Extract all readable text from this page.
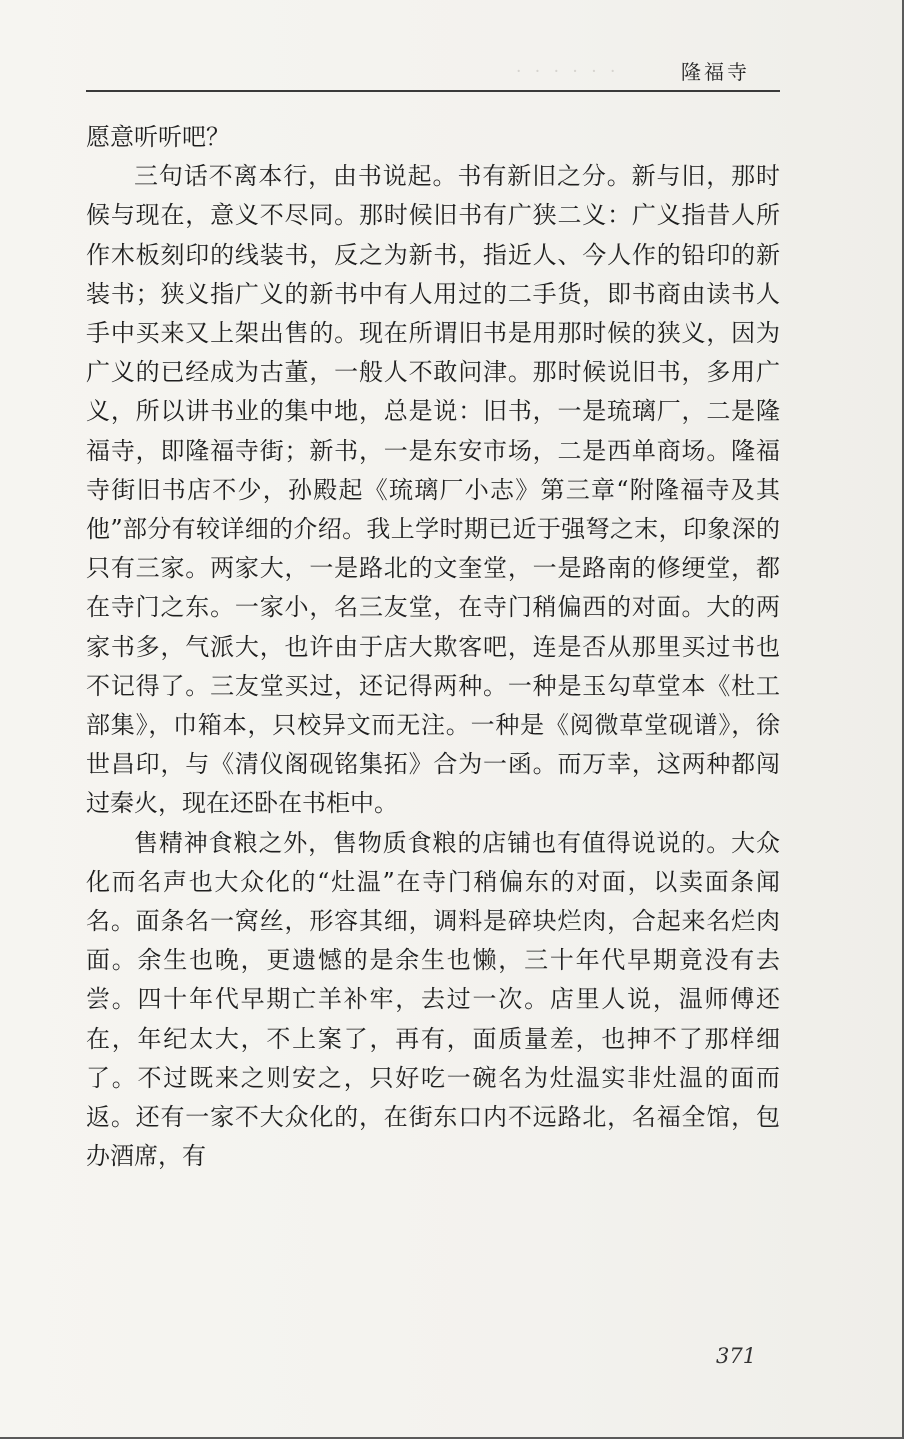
· · · · · ·	隆福寺

愿意听听吧？

三句话不离本行，由书说起。书有新旧之分。新与旧，那时候与现在，意义不尽同。那时候旧书有广狭二义：广义指昔人所作木板刻印的线装书，反之为新书，指近人、今人作的铅印的新装书；狭义指广义的新书中有人用过的二手货，即书商由读书人手中买来又上架出售的。现在所谓旧书是用那时候的狭义，因为广义的已经成为古董，一般人不敢问津。那时候说旧书，多用广义，所以讲书业的集中地，总是说：旧书，一是琉璃厂，二是隆福寺，即隆福寺街；新书，一是东安市场，二是西单商场。隆福寺街旧书店不少，孙殿起《琉璃厂小志》第三章“附隆福寺及其他”部分有较详细的介绍。我上学时期已近于强弩之末，印象深的只有三家。两家大，一是路北的文奎堂，一是路南的修绠堂，都在寺门之东。一家小，名三友堂，在寺门稍偏西的对面。大的两家书多，气派大，也许由于店大欺客吧，连是否从那里买过书也不记得了。三友堂买过，还记得两种。一种是玉勾草堂本《杜工部集》，巾箱本，只校异文而无注。一种是《阅微草堂砚谱》，徐世昌印，与《清仪阁砚铭集拓》合为一函。而万幸，这两种都闯过秦火，现在还卧在书柜中。

售精神食粮之外，售物质食粮的店铺也有值得说说的。大众化而名声也大众化的“灶温”在寺门稍偏东的对面，以卖面条闻名。面条名一窝丝，形容其细，调料是碎块烂肉，合起来名烂肉面。余生也晚，更遗憾的是余生也懒，三十年代早期竟没有去尝。四十年代早期亡羊补牢，去过一次。店里人说，温师傅还在，年纪太大，不上案了，再有，面质量差，也抻不了那样细了。不过既来之则安之，只好吃一碗名为灶温实非灶温的面而返。还有一家不大众化的，在街东口内不远路北，名福全馆，包办酒席，有

371
